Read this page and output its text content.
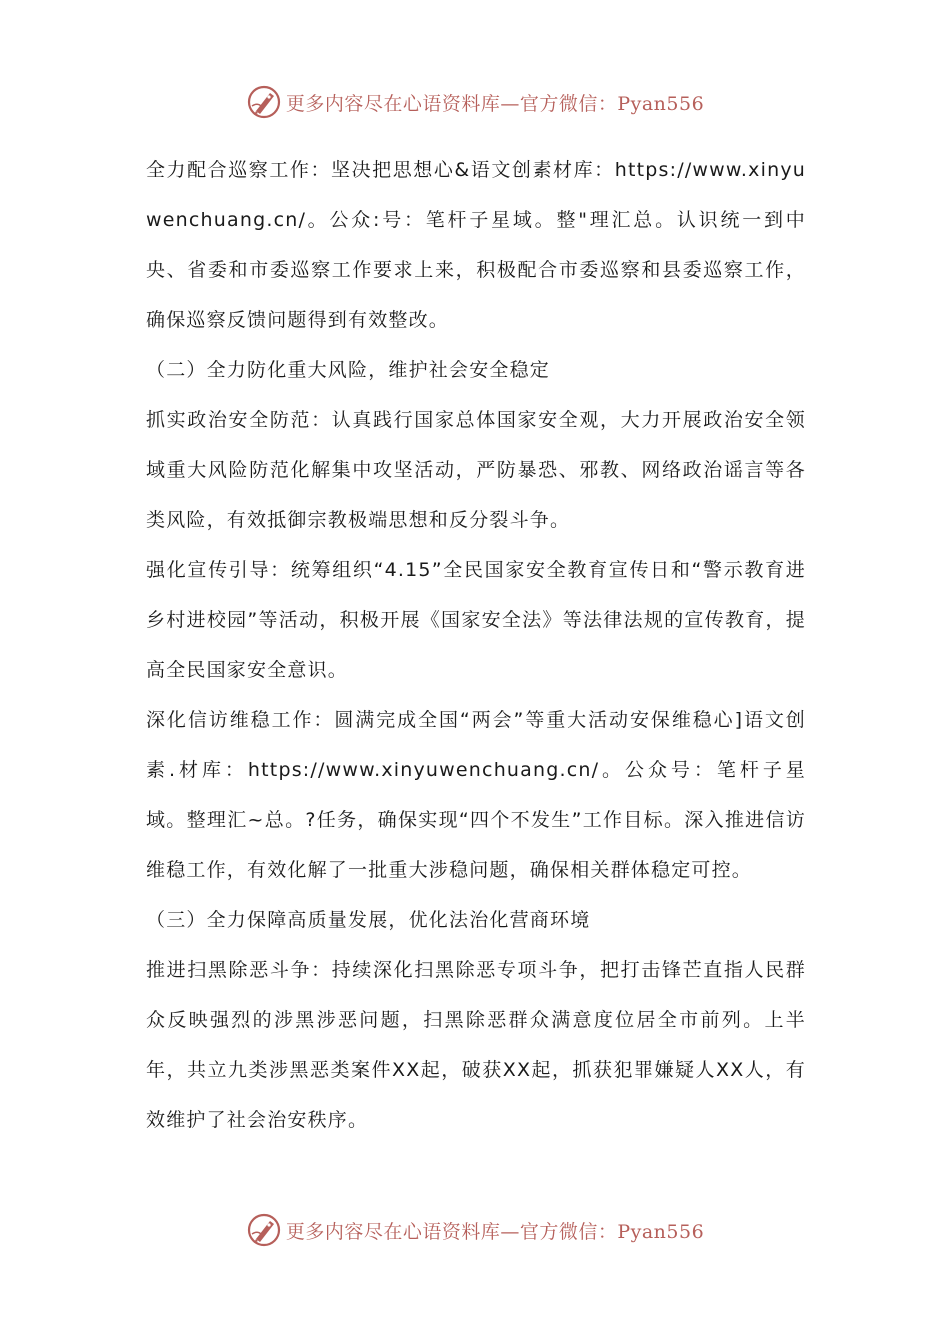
更多内容尽在心语资料库—官方微信：Pyan556

全力配合巡察工作：坚决把思想心&语文创素材库：https://www.xinyuwenchuang.cn/。公众:号：笔杆子星域。整"理汇总。认识统一到中央、省委和市委巡察工作要求上来，积极配合市委巡察和县委巡察工作，确保巡察反馈问题得到有效整改。

（二）全力防化重大风险，维护社会安全稳定

抓实政治安全防范：认真践行国家总体国家安全观，大力开展政治安全领域重大风险防范化解集中攻坚活动，严防暴恐、邪教、网络政治谣言等各类风险，有效抵御宗教极端思想和反分裂斗争。

强化宣传引导：统筹组织“4.15”全民国家安全教育宣传日和“警示教育进乡村进校园”等活动，积极开展《国家安全法》等法律法规的宣传教育，提高全民国家安全意识。

深化信访维稳工作：圆满完成全国“两会”等重大活动安保维稳心]语文创素.材库：https://www.xinyuwenchuang.cn/。公众号：笔杆子星域。整理汇~总。?任务，确保实现“四个不发生”工作目标。深入推进信访维稳工作，有效化解了一批重大涉稳问题，确保相关群体稳定可控。

（三）全力保障高质量发展，优化法治化营商环境

推进扫黑除恶斗争：持续深化扫黑除恶专项斗争，把打击锋芒直指人民群众反映强烈的涉黑涉恶问题，扫黑除恶群众满意度位居全市前列。上半年，共立九类涉黑恶类案件XX起，破获XX起，抓获犯罪嫌疑人XX人，有效维护了社会治安秩序。

更多内容尽在心语资料库—官方微信：Pyan556
